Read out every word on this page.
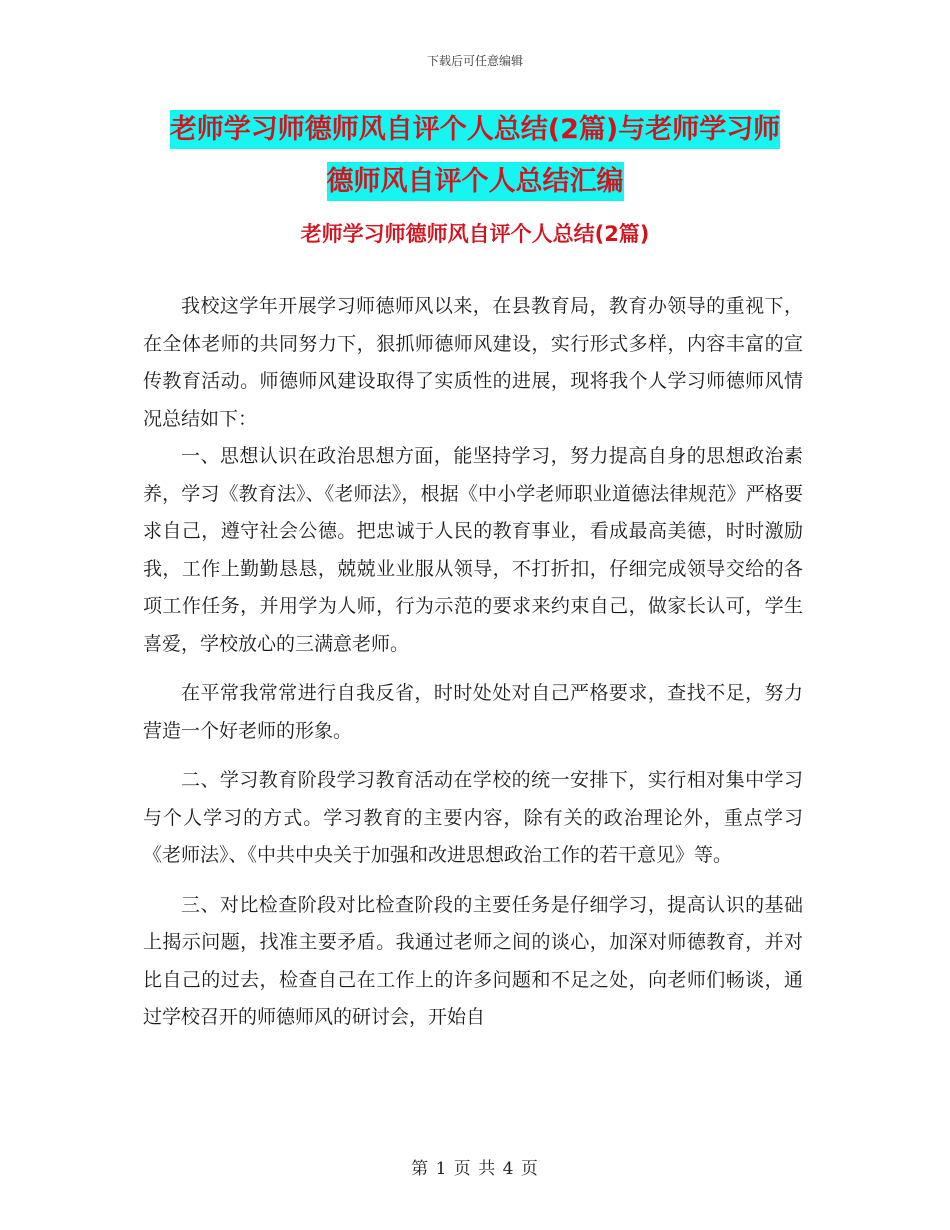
下载后可任意编辑
老师学习师德师风自评个人总结(2篇)与老师学习师
德师风自评个人总结汇编
老师学习师德师风自评个人总结(2篇)

我校这学年开展学习师德师风以来，在县教育局，教育办领导的重视下，在全体老师的共同努力下，狠抓师德师风建设，实行形式多样，内容丰富的宣传教育活动。师德师风建设取得了实质性的进展，现将我个人学习师德师风情况总结如下：

一、思想认识在政治思想方面，能坚持学习，努力提高自身的思想政治素养，学习《教育法》、《老师法》，根据《中小学老师职业道德法律规范》严格要求自己，遵守社会公德。把忠诚于人民的教育事业，看成最高美德，时时激励我，工作上勤勤恳恳，兢兢业业服从领导，不打折扣，仔细完成领导交给的各项工作任务，并用学为人师，行为示范的要求来约束自己，做家长认可，学生喜爱，学校放心的三满意老师。

在平常我常常进行自我反省，时时处处对自己严格要求，查找不足，努力营造一个好老师的形象。

二、学习教育阶段学习教育活动在学校的统一安排下，实行相对集中学习与个人学习的方式。学习教育的主要内容，除有关的政治理论外，重点学习《老师法》、《中共中央关于加强和改进思想政治工作的若干意见》等。

三、对比检查阶段对比检查阶段的主要任务是仔细学习，提高认识的基础上揭示问题，找准主要矛盾。我通过老师之间的谈心，加深对师德教育，并对比自己的过去，检查自己在工作上的许多问题和不足之处，向老师们畅谈，通过学校召开的师德师风的研讨会，开始自

第 1 页 共 4 页
